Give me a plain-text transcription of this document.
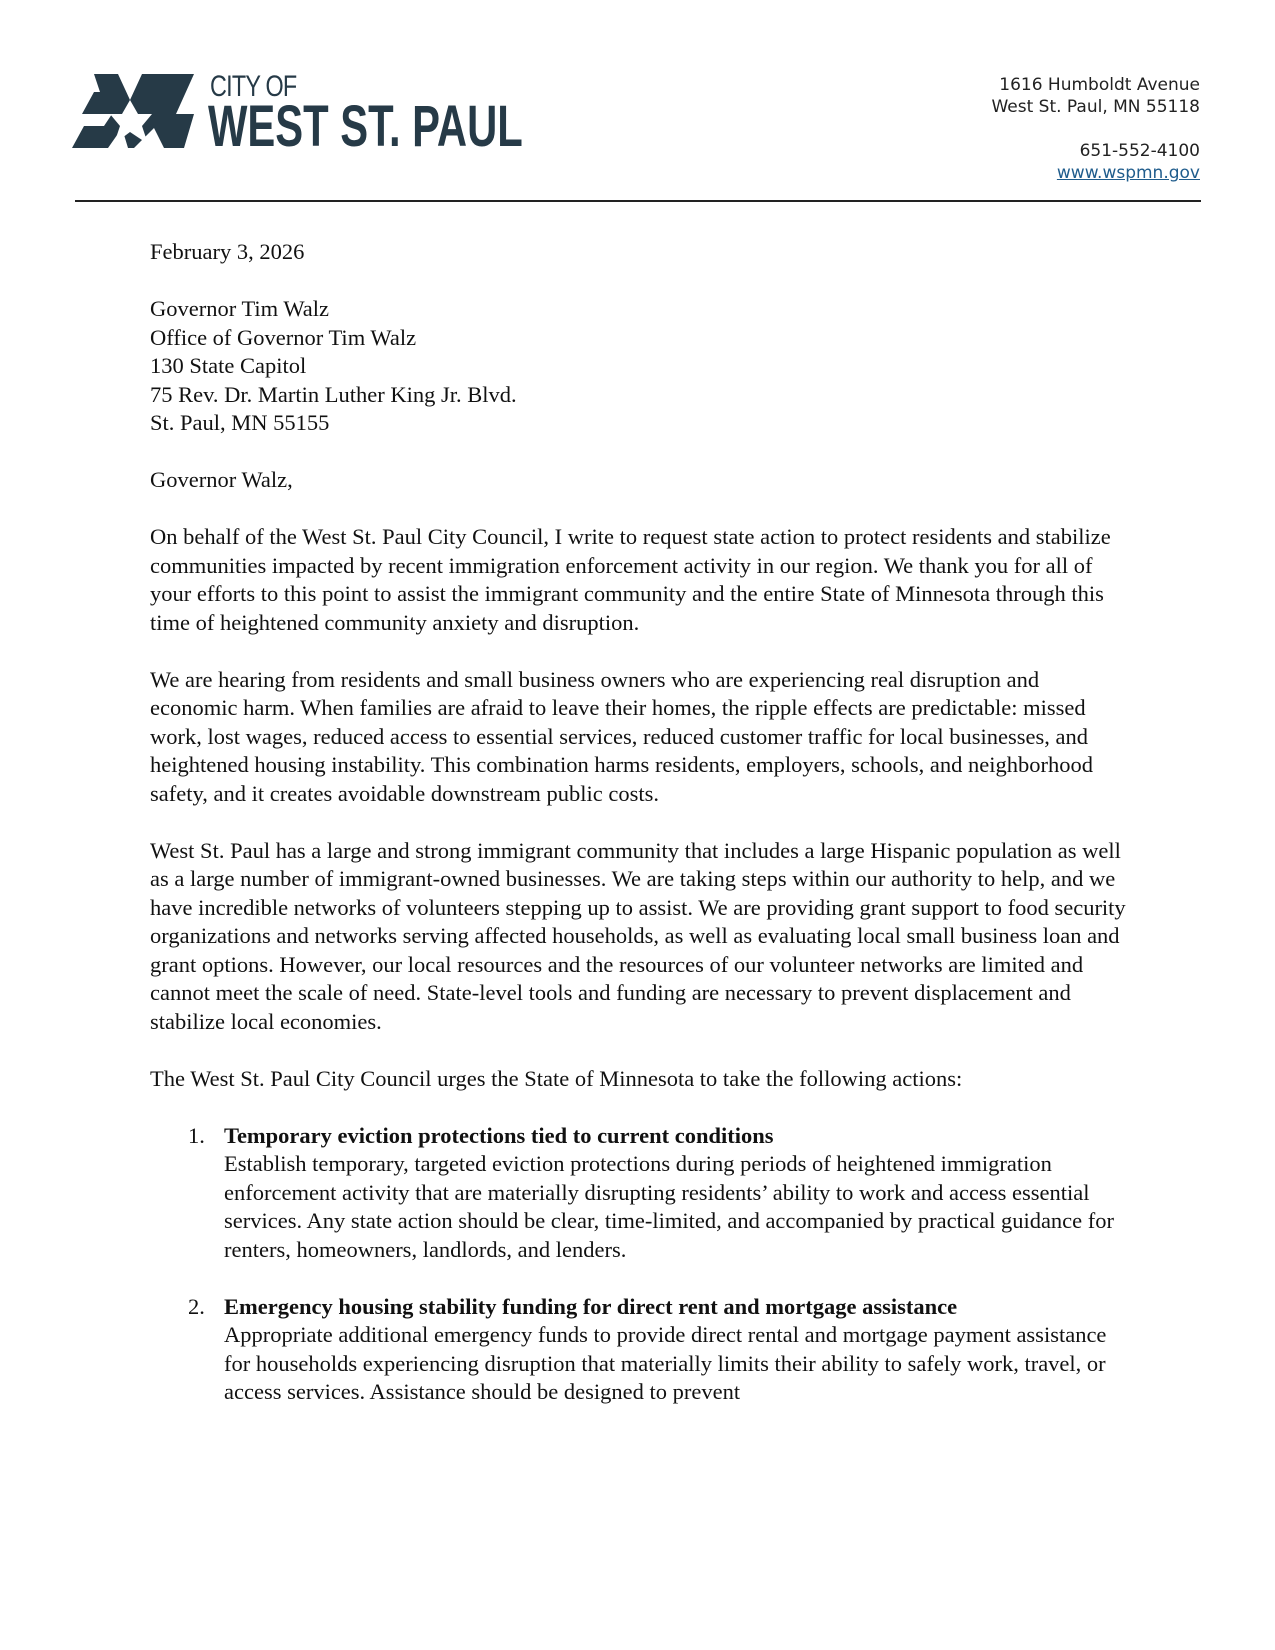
CITY OF
WEST ST. PAUL
1616 Humboldt Avenue
West St. Paul, MN 55118
651-552-4100
www.wspmn.gov

February 3, 2026

Governor Tim Walz
Office of Governor Tim Walz
130 State Capitol
75 Rev. Dr. Martin Luther King Jr. Blvd.
St. Paul, MN 55155

Governor Walz,

On behalf of the West St. Paul City Council, I write to request state action to protect residents and stabilize communities impacted by recent immigration enforcement activity in our region. We thank you for all of your efforts to this point to assist the immigrant community and the entire State of Minnesota through this time of heightened community anxiety and disruption.

We are hearing from residents and small business owners who are experiencing real disruption and economic harm. When families are afraid to leave their homes, the ripple effects are predictable: missed work, lost wages, reduced access to essential services, reduced customer traffic for local businesses, and heightened housing instability. This combination harms residents, employers, schools, and neighborhood safety, and it creates avoidable downstream public costs.

West St. Paul has a large and strong immigrant community that includes a large Hispanic population as well as a large number of immigrant-owned businesses. We are taking steps within our authority to help, and we have incredible networks of volunteers stepping up to assist. We are providing grant support to food security organizations and networks serving affected households, as well as evaluating local small business loan and grant options. However, our local resources and the resources of our volunteer networks are limited and cannot meet the scale of need. State-level tools and funding are necessary to prevent displacement and stabilize local economies.

The West St. Paul City Council urges the State of Minnesota to take the following actions:

1. Temporary eviction protections tied to current conditions
Establish temporary, targeted eviction protections during periods of heightened immigration enforcement activity that are materially disrupting residents’ ability to work and access essential services. Any state action should be clear, time-limited, and accompanied by practical guidance for renters, homeowners, landlords, and lenders.
2. Emergency housing stability funding for direct rent and mortgage assistance
Appropriate additional emergency funds to provide direct rental and mortgage payment assistance for households experiencing disruption that materially limits their ability to safely work, travel, or access services. Assistance should be designed to prevent
